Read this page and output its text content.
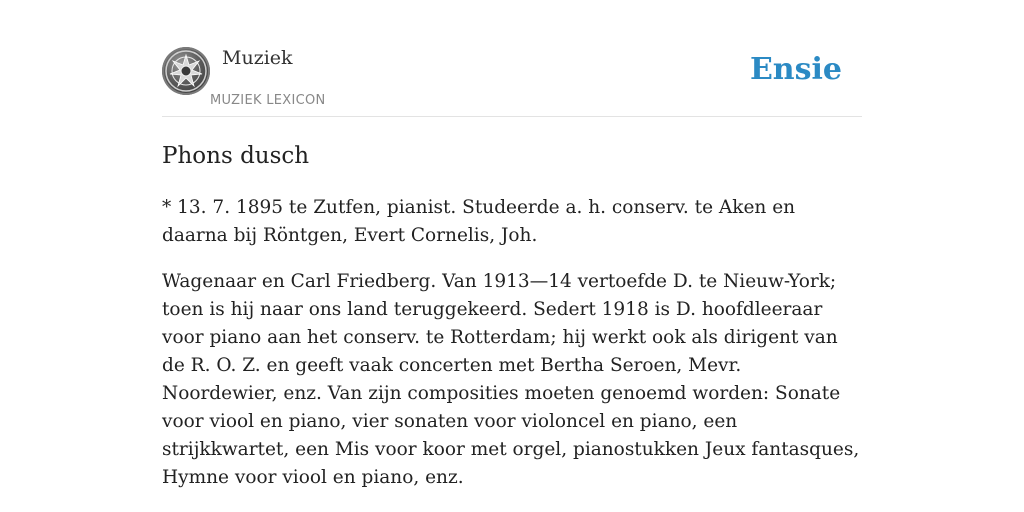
Muziek
MUZIEK LEXICON
Ensie
Phons dusch

* 13. 7. 1895 te Zutfen, pianist. Studeerde a. h. conserv. te Aken en daarna bij Röntgen, Evert Cornelis, Joh.

Wagenaar en Carl Friedberg. Van 1913—14 vertoefde D. te Nieuw-York; toen is hij naar ons land teruggekeerd. Sedert 1918 is D. hoofdleeraar voor piano aan het conserv. te Rotterdam; hij werkt ook als dirigent van de R. O. Z. en geeft vaak concerten met Bertha Seroen, Mevr. Noordewier, enz. Van zijn composities moeten genoemd worden: Sonate voor viool en piano, vier sonaten voor violoncel en piano, een strijkkwartet, een Mis voor koor met orgel, pianostukken Jeux fantasques, Hymne voor viool en piano, enz.
